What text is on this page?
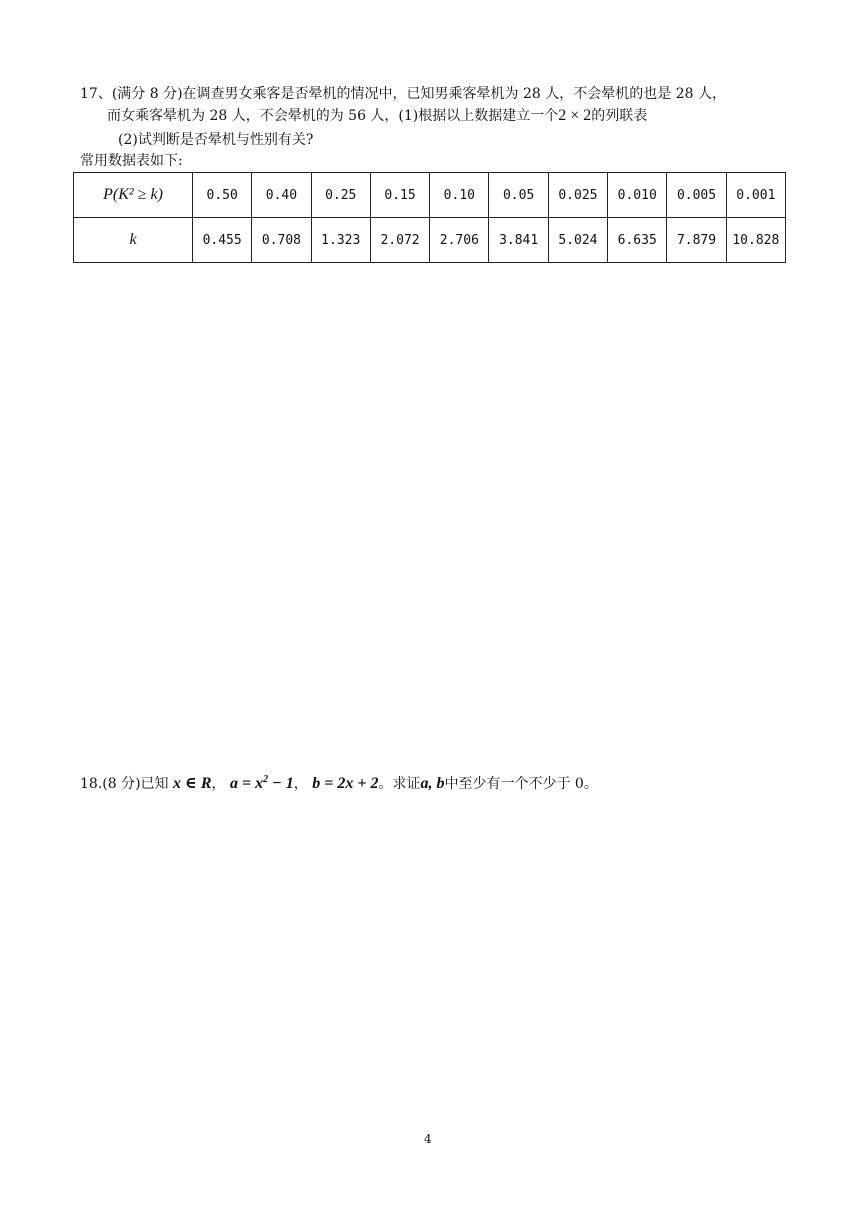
17、(满分 8 分)在调查男女乘客是否晕机的情况中，已知男乘客晕机为 28 人，不会晕机的也是 28 人，
而女乘客晕机为 28 人，不会晕机的为 56 人，(1)根据以上数据建立一个2 × 2的列联表
(2)试判断是否晕机与性别有关?
常用数据表如下:
P(K² ≥ k)	0.50	0.40	0.25	0.15	0.10	0.05	0.025	0.010	0.005	0.001
k	0.455	0.708	1.323	2.072	2.706	3.841	5.024	6.635	7.879	10.828
18.(8 分)已知 x ∈ R， $a = x^2 - 1$， b = 2x + 2。求证a, b中至少有一个不少于 0。
4
